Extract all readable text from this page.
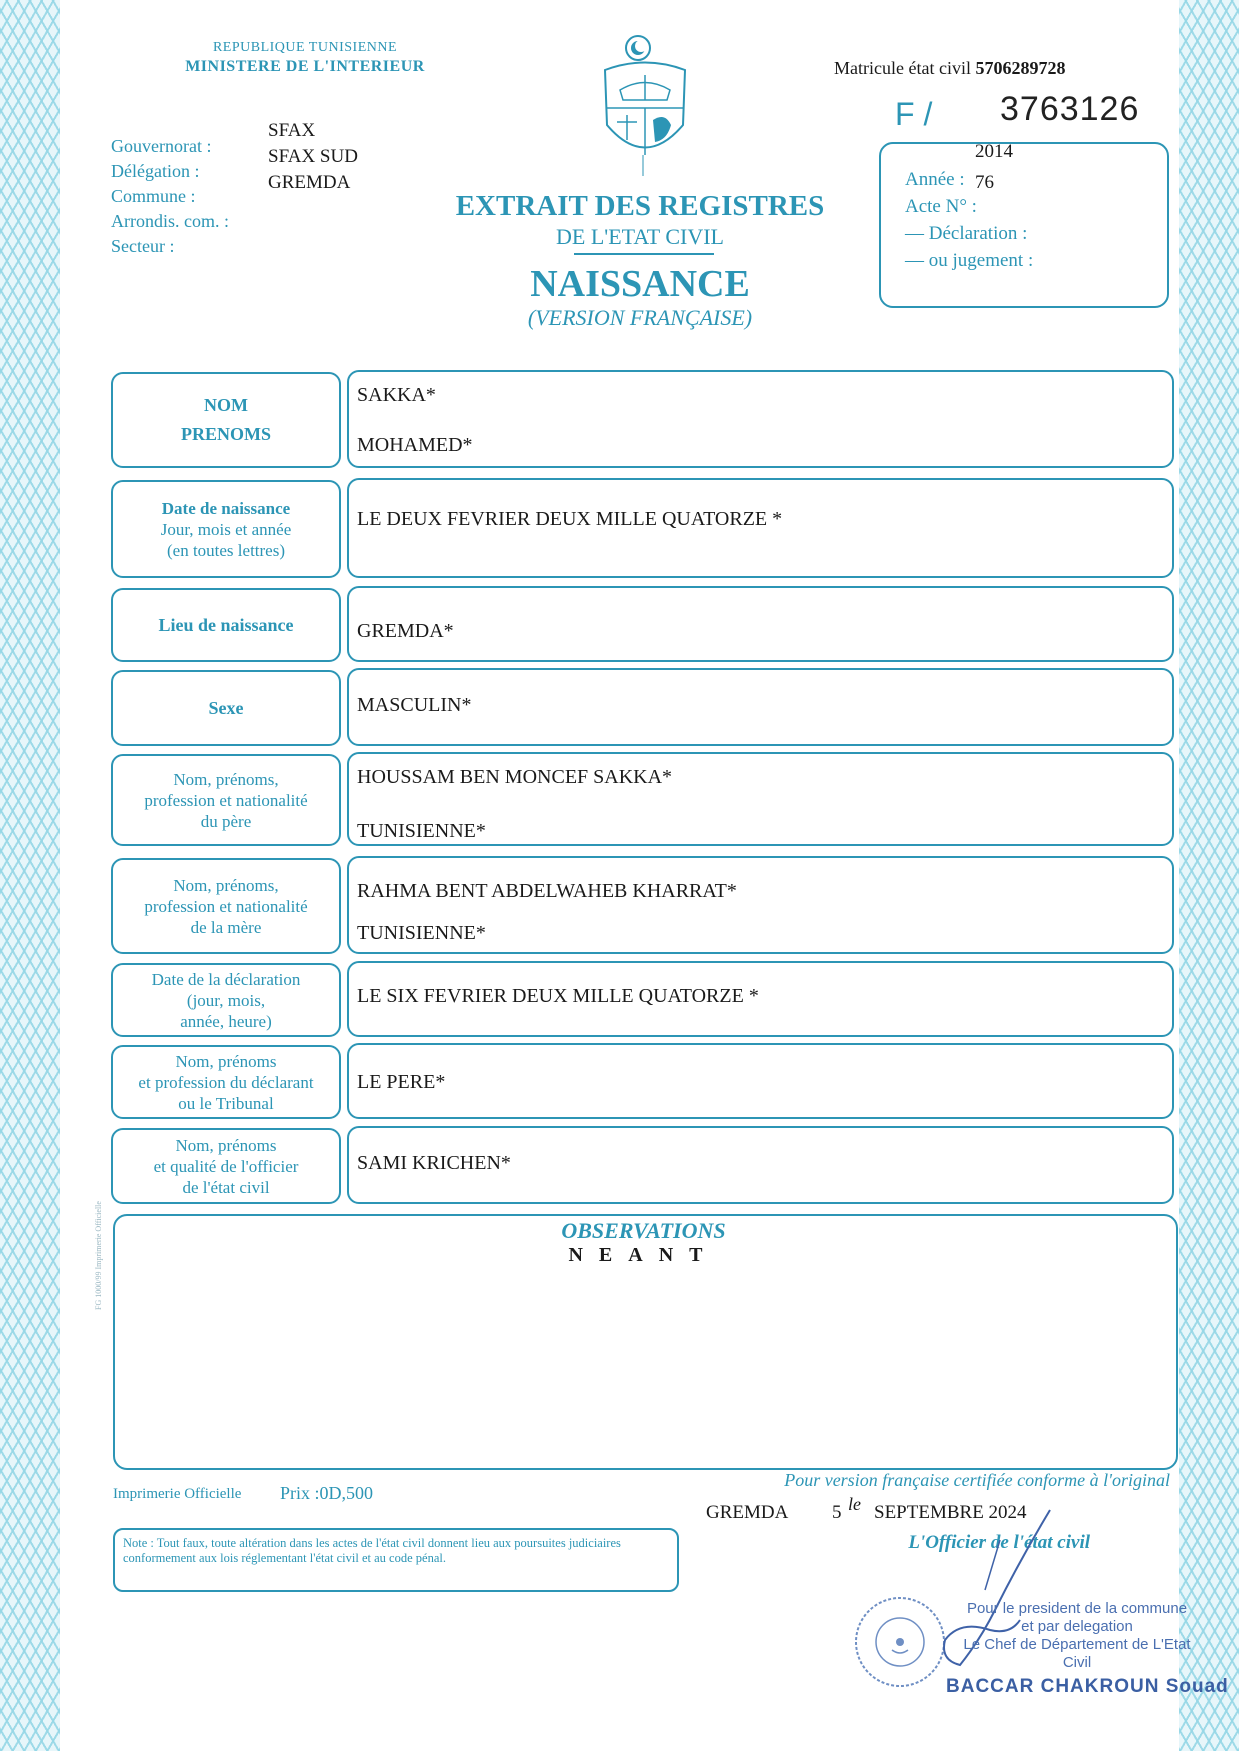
REPUBLIQUE TUNISIENNE
MINISTERE DE L'INTERIEUR
Gouvernorat :
Délégation :
Commune :
Arrondis. com. :
Secteur :
SFAX
SFAX SUD
GREMDA
EXTRAIT DES REGISTRES
DE L'ETAT CIVIL
NAISSANCE
(VERSION FRANÇAISE)
Matricule état civil 5706289728
F / 3763126
2014
Année :
Acte N° :
— Déclaration :
— ou jugement :
76
NOM
PRENOMS
SAKKA*
MOHAMED*
Date de naissance
Jour, mois et année
(en toutes lettres)
LE DEUX FEVRIER DEUX MILLE QUATORZE *
Lieu de naissance	GREMDA*
Sexe	MASCULIN*
Nom, prénoms,
profession et nationalité
du père
HOUSSAM BEN MONCEF SAKKA*
TUNISIENNE*
Nom, prénoms,
profession et nationalité
de la mère
RAHMA BENT ABDELWAHEB KHARRAT*
TUNISIENNE*
Date de la déclaration
(jour, mois,
année, heure)
LE SIX FEVRIER DEUX MILLE QUATORZE *
Nom, prénoms
et profession du déclarant
ou le Tribunal
LE PERE*
Nom, prénoms
et qualité de l'officier
de l'état civil
SAMI KRICHEN*
OBSERVATIONS
NEANT
FG 1000/99 Imprimerie Officielle
Imprimerie Officielle Prix :0D,500
Pour version française certifiée conforme à l'original
GREMDA 5 le SEPTEMBRE 2024
L'Officier de l'état civil
Note : Tout faux, toute altération dans les actes de l'état civil donnent lieu aux poursuites judiciaires conformement aux lois réglementant l'état civil et au code pénal.
Pour le president de la commune
et par delegation
Le Chef de Département de L'Etat
Civil
BACCAR CHAKROUN Souad
